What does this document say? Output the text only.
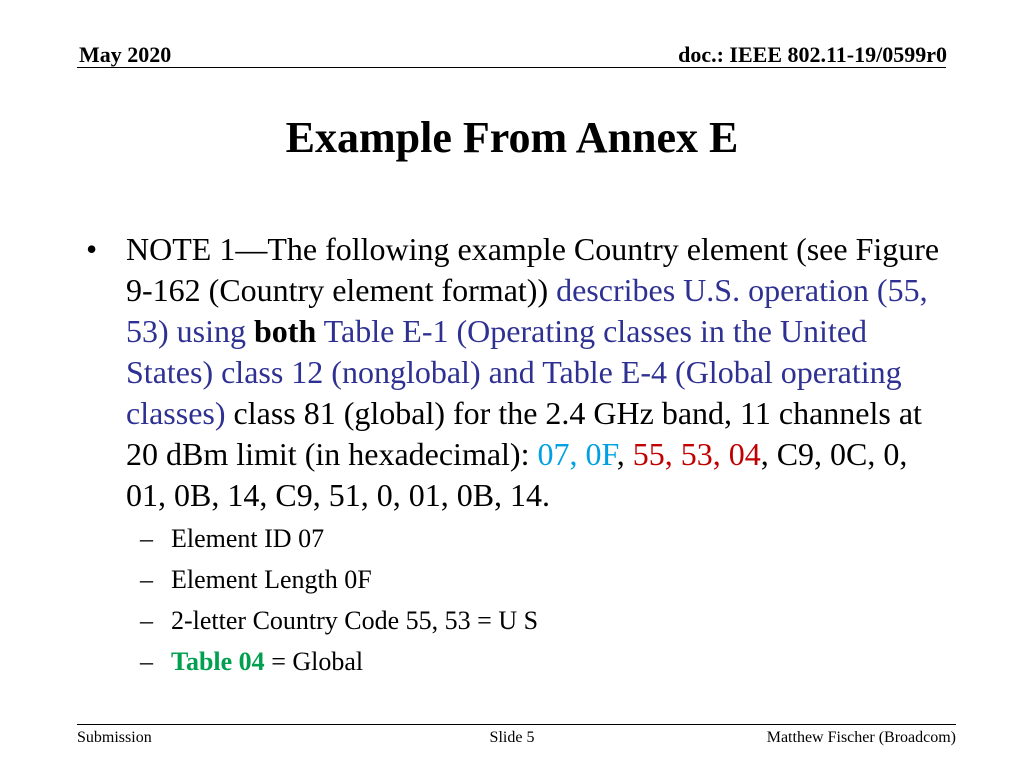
May 2020	doc.: IEEE 802.11-19/0599r0
Example From Annex E
• NOTE 1—The following example Country element (see Figure 9-162 (Country element format)) describes U.S. operation (55, 53) using both Table E-1 (Operating classes in the United States) class 12 (nonglobal) and Table E-4 (Global operating classes) class 81 (global) for the 2.4 GHz band, 11 channels at 20 dBm limit (in hexadecimal): 07, 0F, 55, 53, 04, C9, 0C, 0, 01, 0B, 14, C9, 51, 0, 01, 0B, 14.
– Element ID 07
– Element Length 0F
– 2-letter Country Code 55, 53 = U S
– Table 04 = Global
Submission	Slide 5	Matthew Fischer (Broadcom)
